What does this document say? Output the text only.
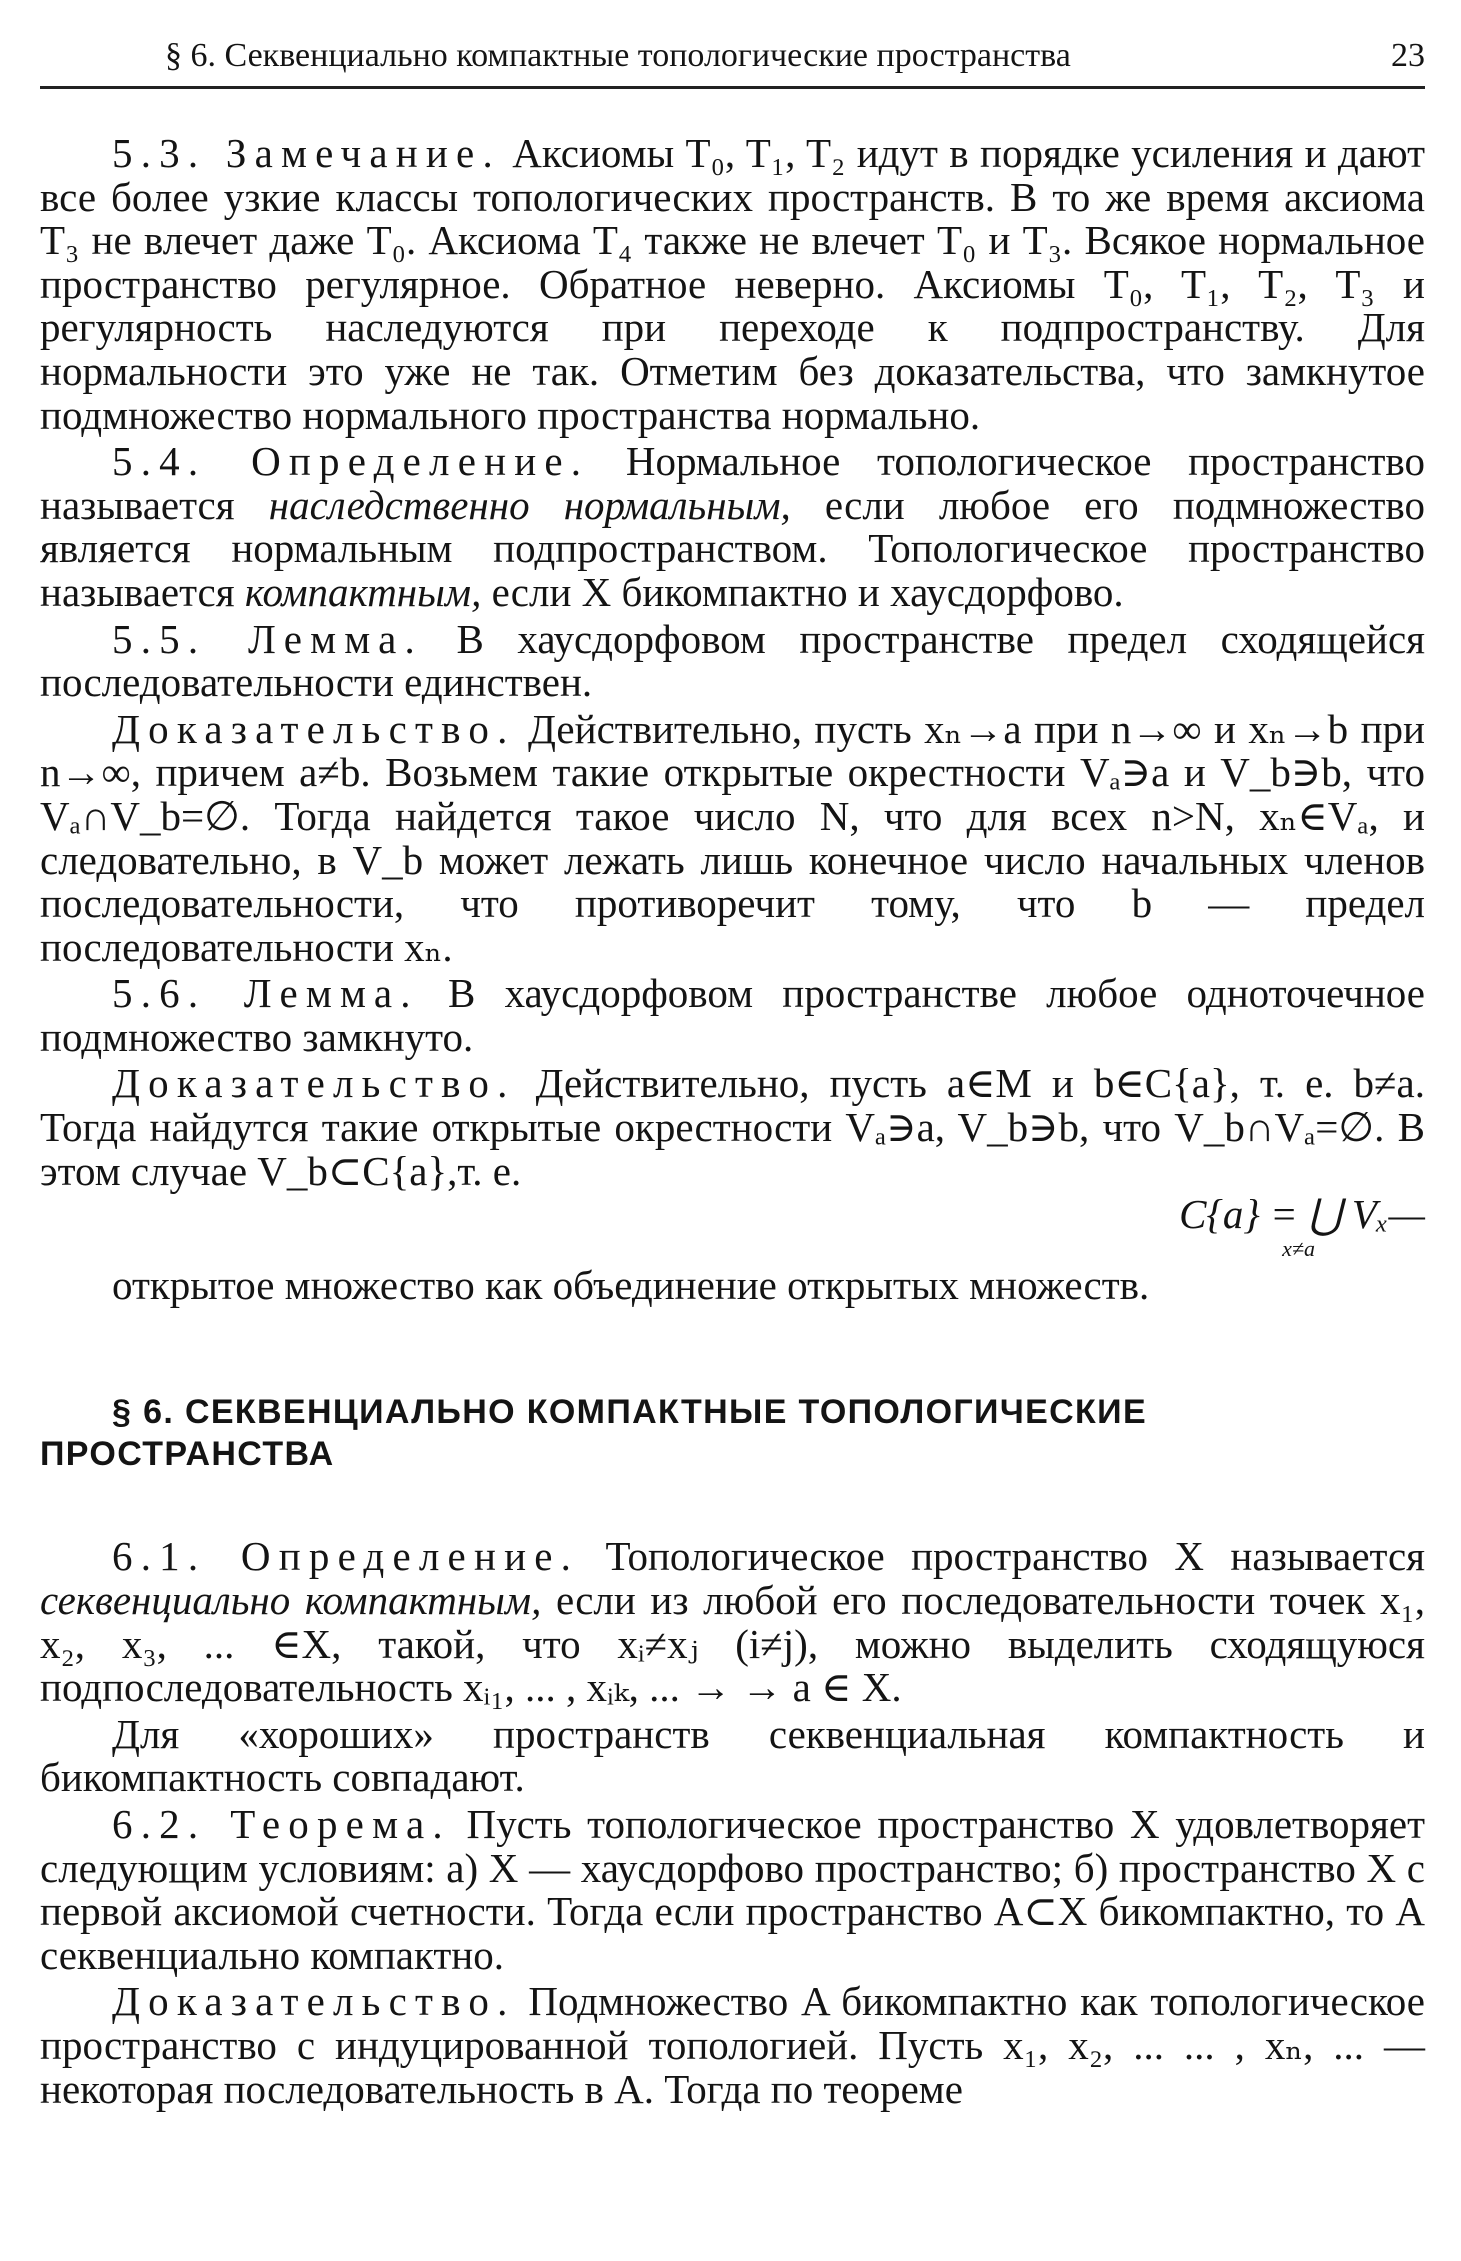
§ 6. Секвенциально компактные топологические пространства	23

5.3. Замечание. Аксиомы T₀, T₁, T₂ идут в порядке усиления и дают все более узкие классы топологических пространств. В то же время аксиома T₃ не влечет даже T₀. Аксиома T₄ также не влечет T₀ и T₃. Всякое нормальное пространство регулярное. Обратное неверно. Аксиомы T₀, T₁, T₂, T₃ и регулярность наследуются при переходе к подпространству. Для нормальности это уже не так. Отметим без доказательства, что замкнутое подмножество нормального пространства нормально.

5.4. Определение. Нормальное топологическое пространство называется наследственно нормальным, если любое его подмножество является нормальным подпространством. Топологическое пространство называется компактным, если X бикомпактно и хаусдорфово.

5.5. Лемма. В хаусдорфовом пространстве предел сходящейся последовательности единствен.

Доказательство. Действительно, пусть xₙ→a при n→∞ и xₙ→b при n→∞, причем a≠b. Возьмем такие открытые окрестности Vₐ∋a и V_b∋b, что Vₐ∩V_b=∅. Тогда найдется такое число N, что для всех n>N, xₙ∈Vₐ, и следовательно, в V_b может лежать лишь конечное число начальных членов последовательности, что противоречит тому, что b — предел последовательности xₙ.

5.6. Лемма. В хаусдорфовом пространстве любое одноточечное подмножество замкнуто.

Доказательство. Действительно, пусть a∈M и b∈C{a}, т. е. b≠a. Тогда найдутся такие открытые окрестности Vₐ∋a, V_b∋b, что V_b∩Vₐ=∅. В этом случае V_b⊂C{a},т. е.
C{a} = ⋃ Vₓ—
x≠a

открытое множество как объединение открытых множеств.

§ 6. СЕКВЕНЦИАЛЬНО КОМПАКТНЫЕ ТОПОЛОГИЧЕСКИЕ ПРОСТРАНСТВА

6.1. Определение. Топологическое пространство X называется секвенциально компактным, если из любой его последовательности точек x₁, x₂, x₃, ... ∈X, такой, что xᵢ≠xⱼ (i≠j), можно выделить сходящуюся подпоследовательность xᵢ₁, ... , xᵢₖ, ... → → a ∈ X.

Для «хороших» пространств секвенциальная компактность и бикомпактность совпадают.

6.2. Теорема. Пусть топологическое пространство X удовлетворяет следующим условиям: а) X — хаусдорфово пространство; б) пространство X с первой аксиомой счетности. Тогда если пространство A⊂X бикомпактно, то A секвенциально компактно.

Доказательство. Подмножество A бикомпактно как топологическое пространство с индуцированной топологией. Пусть x₁, x₂, ... ... , xₙ, ... —некоторая последовательность в A. Тогда по теореме
